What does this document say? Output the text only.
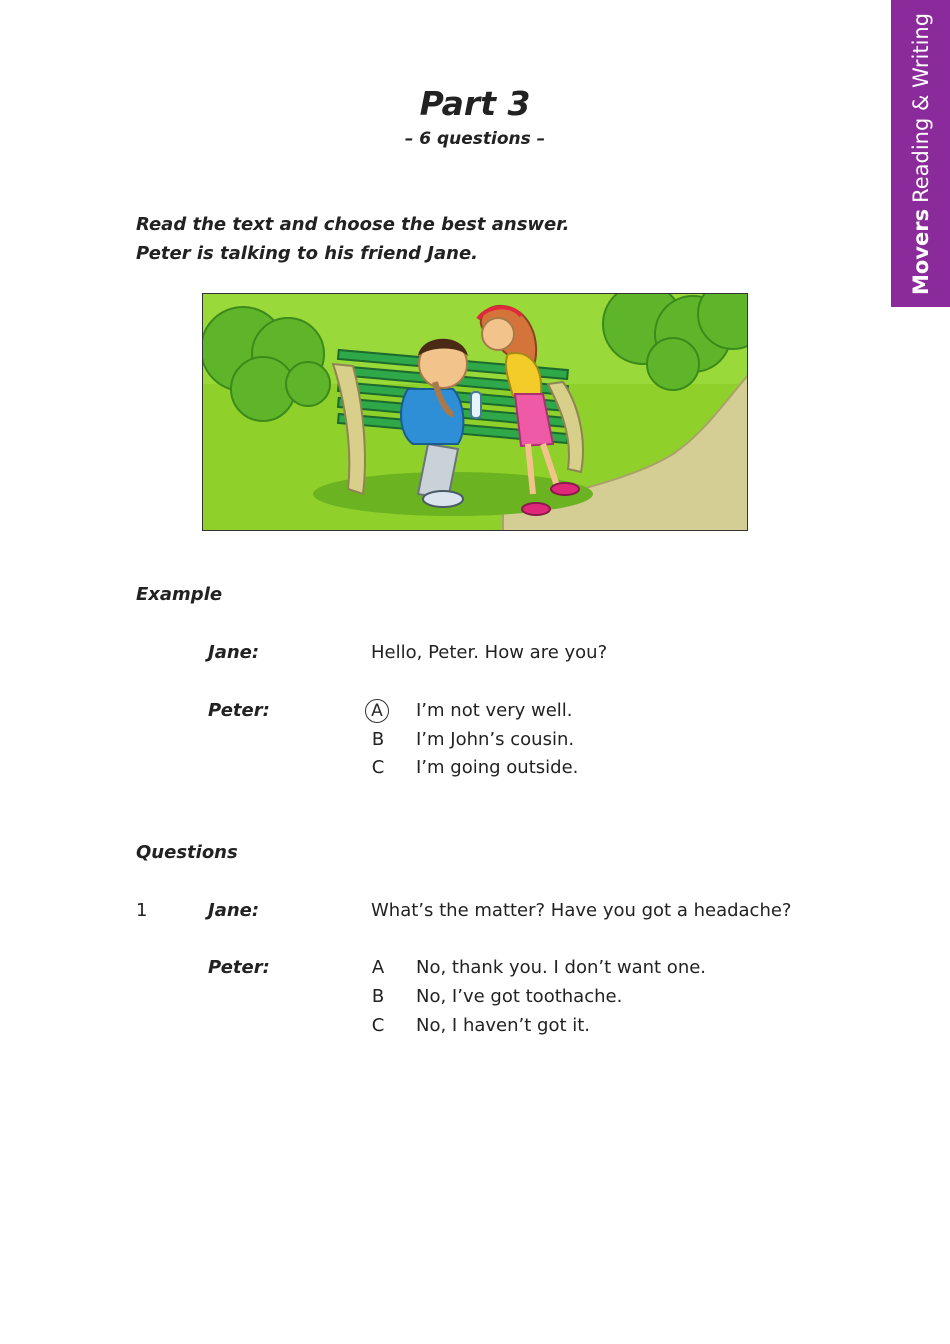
MoversReading & Writing
Part 3
– 6 questions –
Read the text and choose the best answer.
Peter is talking to his friend Jane.
Example
Jane:	Hello, Peter. How are you?
Peter:	A	I’m not very well.
B I’m John’s cousin.
C I’m going outside.
Questions
1	Jane:	What’s the matter? Have you got a headache?
Peter:	A No, thank you. I don’t want one.
B No, I’ve got toothache.
C No, I haven’t got it.
